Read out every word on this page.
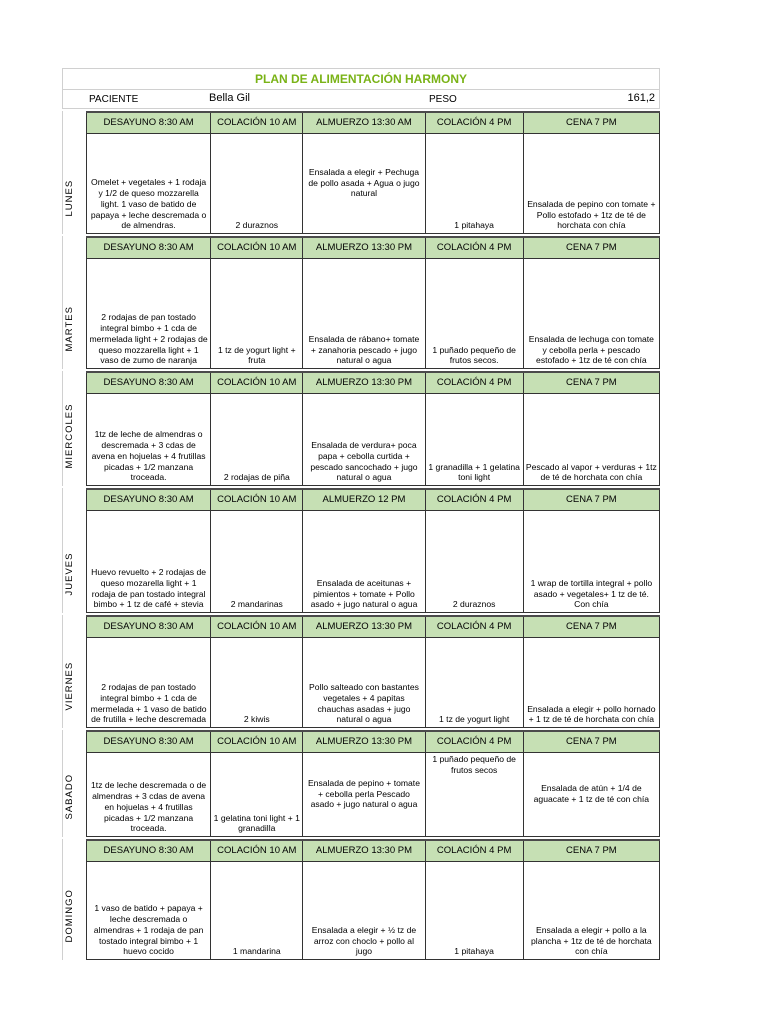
PLAN DE ALIMENTACIÓN HARMONY
PACIENTE	Bella Gil	PESO	161,2
LUNES
DESAYUNO 8:30 AM	COLACIÓN 10 AM	ALMUERZO 13:30 AM	COLACIÓN 4 PM	CENA 7 PM
Omelet + vegetales + 1 rodaja y 1/2 de queso mozzarella light. 1 vaso de batido de papaya + leche descremada o de almendras.	2 duraznos	Ensalada a elegir + Pechuga de pollo asada + Agua o jugo natural	1 pitahaya	Ensalada de pepino con tomate + Pollo estofado + 1tz de té de horchata con chía
MARTES
DESAYUNO 8:30 AM	COLACIÓN 10 AM	ALMUERZO 13:30 PM	COLACIÓN 4 PM	CENA 7 PM
2 rodajas de pan tostado integral bimbo + 1 cda de mermelada light + 2 rodajas de queso mozzarella light + 1 vaso de zumo de naranja	1 tz de yogurt light + fruta	Ensalada de rábano+ tomate + zanahoria pescado + jugo natural o agua	1 puñado pequeño de frutos secos.	Ensalada de lechuga con tomate y cebolla perla + pescado estofado + 1tz de té con chía
MIERCOLES
DESAYUNO 8:30 AM	COLACIÓN 10 AM	ALMUERZO 13:30 PM	COLACIÓN 4 PM	CENA 7 PM
1tz de leche de almendras o descremada + 3 cdas de avena en hojuelas + 4 frutillas picadas + 1/2 manzana troceada.	2 rodajas de piña	Ensalada de verdura+ poca papa + cebolla curtida + pescado sancochado + jugo natural o agua	1 granadilla + 1 gelatina toni light	Pescado al vapor + verduras + 1tz de té de horchata con chía
JUEVES
DESAYUNO 8:30 AM	COLACIÓN 10 AM	ALMUERZO 12 PM	COLACIÓN 4 PM	CENA 7 PM
Huevo revuelto + 2 rodajas de queso mozarella light + 1 rodaja de pan tostado integral bimbo + 1 tz de café + stevia	2 mandarinas	Ensalada de aceitunas + pimientos + tomate + Pollo asado + jugo natural o agua	2 duraznos	1 wrap de tortilla integral + pollo asado + vegetales+ 1 tz de té. Con chía
VIERNES
DESAYUNO 8:30 AM	COLACIÓN 10 AM	ALMUERZO 13:30 PM	COLACIÓN 4 PM	CENA 7 PM
2 rodajas de pan tostado integral bimbo + 1 cda de mermelada + 1 vaso de batido de frutilla + leche descremada	2 kiwis	Pollo salteado con bastantes vegetales + 4 papitas chauchas asadas + jugo natural o agua	1 tz de yogurt light	Ensalada a elegir + pollo hornado + 1 tz de té de horchata con chía
SABADO
DESAYUNO 8:30 AM	COLACIÓN 10 AM	ALMUERZO 13:30 PM	COLACIÓN 4 PM	CENA 7 PM
1tz de leche descremada o de almendras + 3 cdas de avena en hojuelas + 4 frutillas picadas + 1/2 manzana troceada.	1 gelatina toni light + 1 granadilla	Ensalada de pepino + tomate + cebolla perla Pescado asado + jugo natural o agua	1 puñado pequeño de frutos secos	Ensalada de atún + 1/4 de aguacate + 1 tz de té con chía
DOMINGO
DESAYUNO 8:30 AM	COLACIÓN 10 AM	ALMUERZO 13:30 PM	COLACIÓN 4 PM	CENA 7 PM
1 vaso de batido + papaya + leche descremada o almendras + 1 rodaja de pan tostado integral bimbo + 1 huevo cocido	1 mandarina	Ensalada a elegir + ½ tz de arroz con choclo + pollo al jugo	1 pitahaya	Ensalada a elegir + pollo a la plancha + 1tz de té de horchata con chía
